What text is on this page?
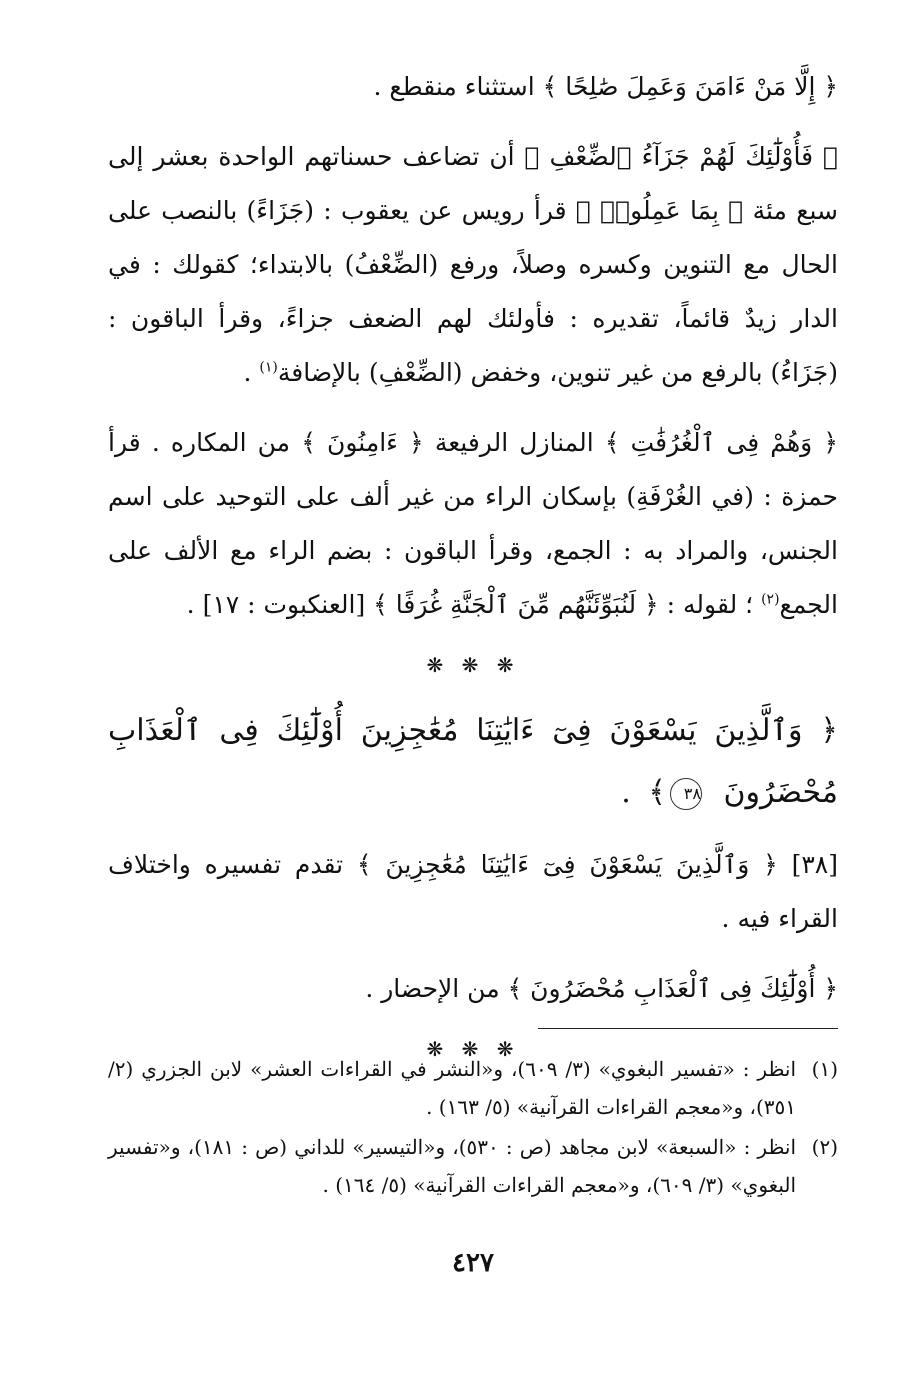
﴿ إِلَّا مَنْ ءَامَنَ وَعَمِلَ صَٰلِحًا ﴾ استثناء منقطع .

﴿ فَأُوْلَٰٓئِكَ لَهُمْ جَزَآءُ ٱلضِّعْفِ ﴾ أن تضاعف حسناتهم الواحدة بعشر إلى سبع مئة ﴿ بِمَا عَمِلُوا۟ ﴾ قرأ رويس عن يعقوب : (جَزَاءً) بالنصب على الحال مع التنوين وكسره وصلاً، ورفع (الضِّعْفُ) بالابتداء؛ كقولك : في الدار زيدٌ قائماً، تقديره : فأولئك لهم الضعف جزاءً، وقرأ الباقون : (جَزَاءُ) بالرفع من غير تنوين، وخفض (الضِّعْفِ) بالإضافة$^{(١)}$ .

﴿ وَهُمْ فِى ٱلْغُرُفَٰتِ ﴾ المنازل الرفيعة ﴿ ءَامِنُونَ ﴾ من المكاره . قرأ حمزة : (في الغُرْفَةِ) بإسكان الراء من غير ألف على التوحيد على اسم الجنس، والمراد به : الجمع، وقرأ الباقون : بضم الراء مع الألف على الجمع$^{(٢)}$ ؛ لقوله : ﴿ لَنُبَوِّئَنَّهُم مِّنَ ٱلْجَنَّةِ غُرَفًا ﴾ [العنكبوت : ١٧] .

❋ ❋ ❋

﴿ وَٱلَّذِينَ يَسْعَوْنَ فِىٓ ءَايَٰتِنَا مُعَٰجِزِينَ أُوْلَٰٓئِكَ فِى ٱلْعَذَابِ مُحْضَرُونَ ٣٨﴾ .

[٣٨] ﴿ وَٱلَّذِينَ يَسْعَوْنَ فِىٓ ءَايَٰتِنَا مُعَٰجِزِينَ ﴾ تقدم تفسيره واختلاف القراء فيه .

﴿ أُوْلَٰٓئِكَ فِى ٱلْعَذَابِ مُحْضَرُونَ ﴾ من الإحضار .

❋ ❋ ❋
(١)
انظر : «تفسير البغوي» (٣/ ٦٠٩)، و«النشر في القراءات العشر» لابن الجزري (٢/ ٣٥١)، و«معجم القراءات القرآنية» (٥/ ١٦٣) .
(٢)
انظر : «السبعة» لابن مجاهد (ص : ٥٣٠)، و«التيسير» للداني (ص : ١٨١)، و«تفسير البغوي» (٣/ ٦٠٩)، و«معجم القراءات القرآنية» (٥/ ١٦٤) .
٤٢٧
